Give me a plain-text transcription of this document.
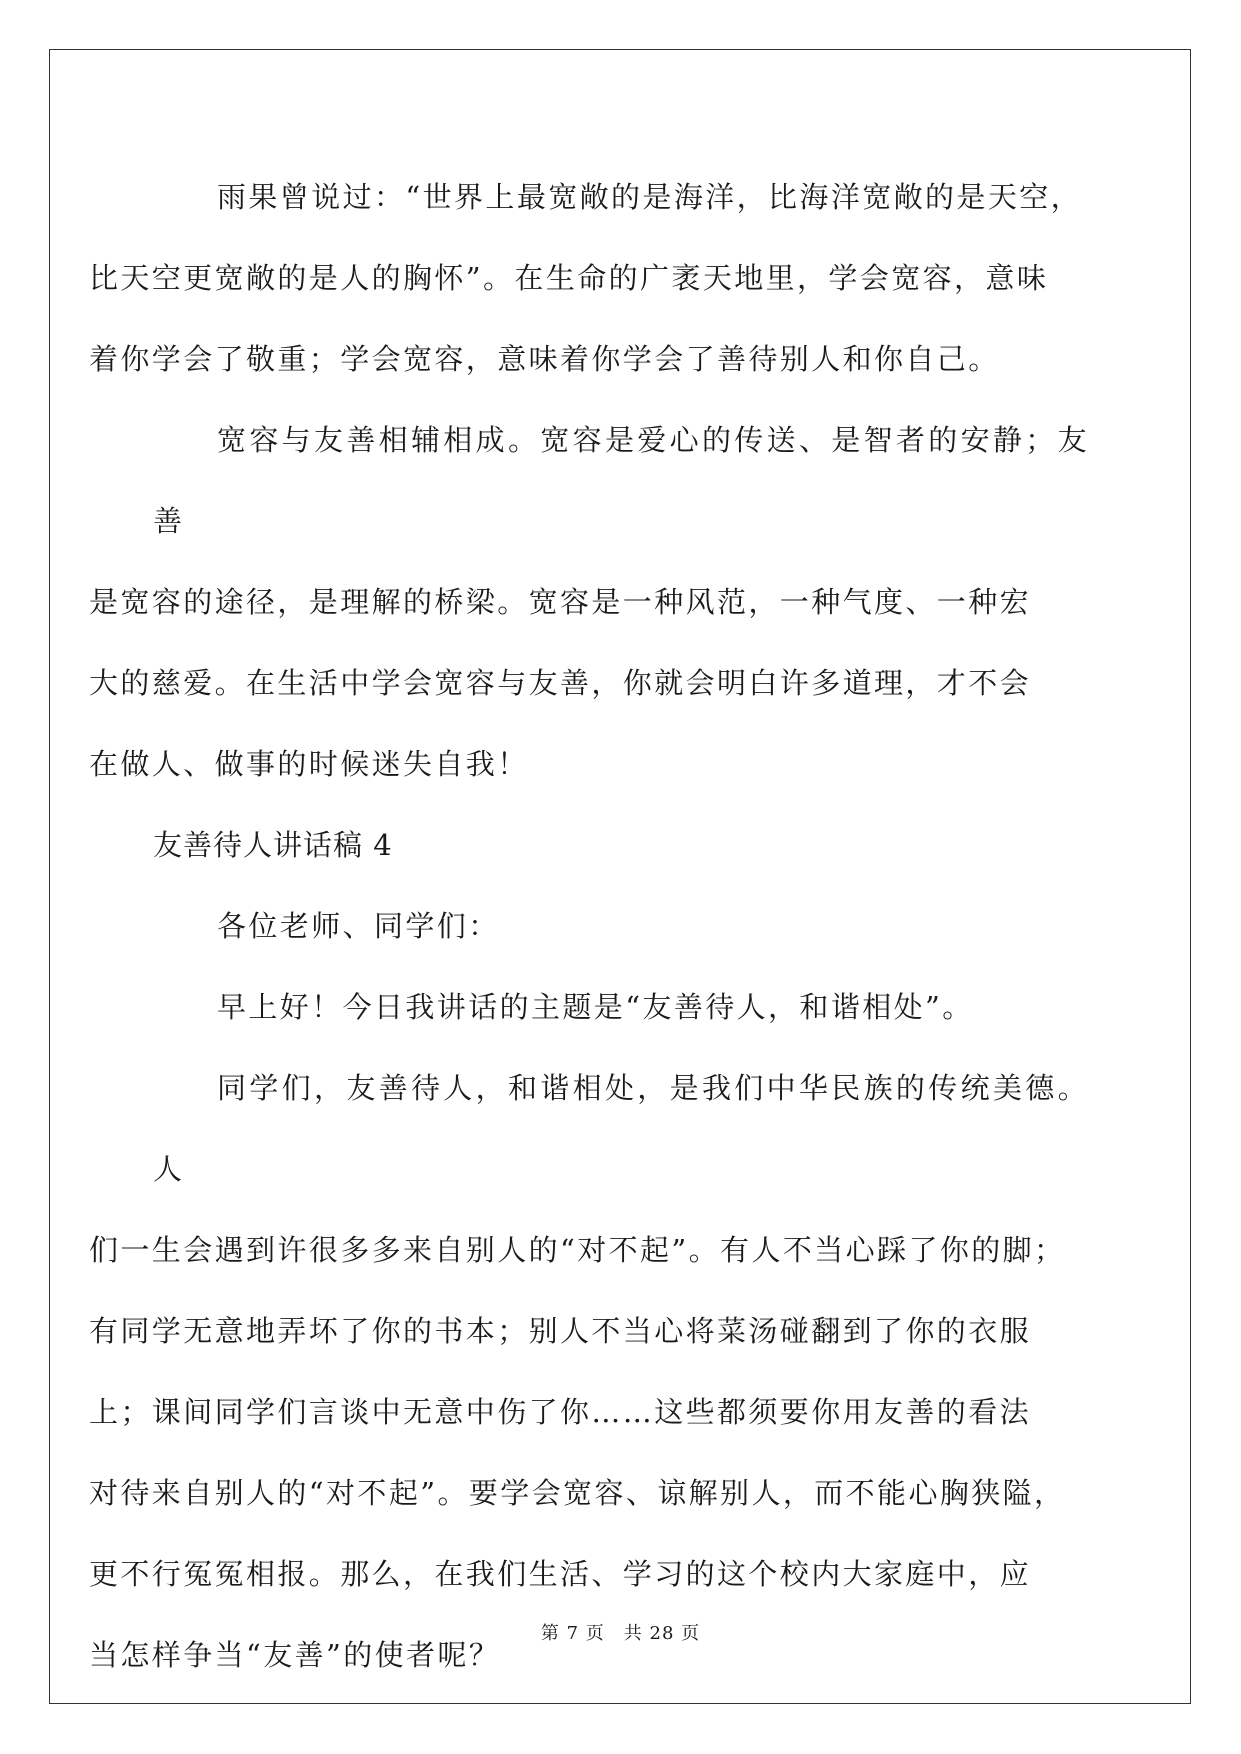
雨果曾说过：“世界上最宽敞的是海洋，比海洋宽敞的是天空，
比天空更宽敞的是人的胸怀”。在生命的广袤天地里，学会宽容，意味
着你学会了敬重；学会宽容，意味着你学会了善待别人和你自己。

宽容与友善相辅相成。宽容是爱心的传送、是智者的安静；友善
是宽容的途径，是理解的桥梁。宽容是一种风范，一种气度、一种宏
大的慈爱。在生活中学会宽容与友善，你就会明白许多道理，才不会
在做人、做事的时候迷失自我！

友善待人讲话稿 4

各位老师、同学们：

早上好！今日我讲话的主题是“友善待人，和谐相处”。

同学们，友善待人，和谐相处，是我们中华民族的传统美德。人
们一生会遇到许很多多来自别人的“对不起”。有人不当心踩了你的脚；
有同学无意地弄坏了你的书本；别人不当心将菜汤碰翻到了你的衣服
上；课间同学们言谈中无意中伤了你……这些都须要你用友善的看法
对待来自别人的“对不起”。要学会宽容、谅解别人，而不能心胸狭隘，
更不行冤冤相报。那么，在我们生活、学习的这个校内大家庭中，应
当怎样争当“友善”的使者呢？

第 7 页　共 28 页
